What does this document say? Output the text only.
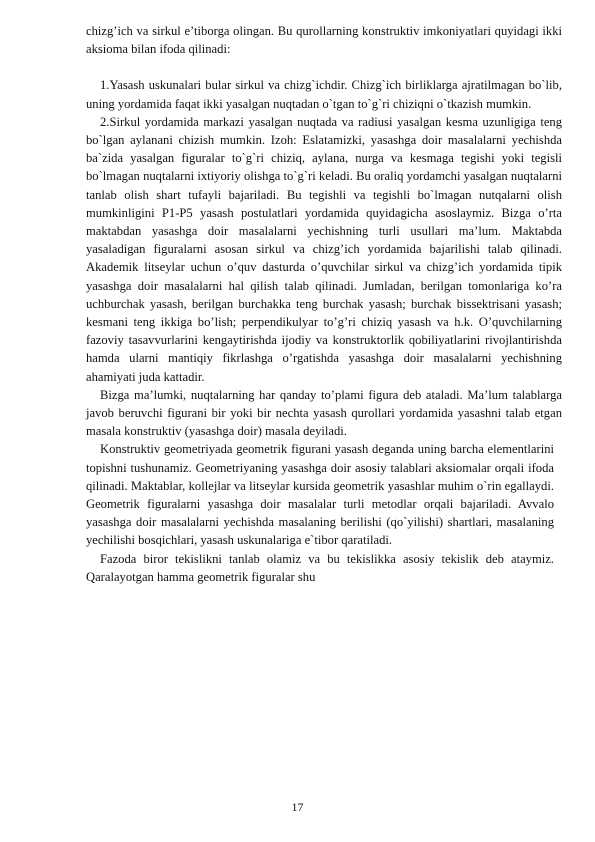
chizg’ich va sirkul e’tiborga olingan. Bu qurollarning konstruktiv imkoniyatlari quyidagi ikki aksioma bilan ifoda qilinadi:

1.Yasash uskunalari bular sirkul va chizg`ichdir. Chizg`ich birliklarga ajratilmagan bo`lib, uning yordamida faqat ikki yasalgan nuqtadan o`tgan to`g`ri chiziqni o`tkazish mumkin.

2.Sirkul yordamida markazi yasalgan nuqtada va radiusi yasalgan kesma uzunligiga teng bo`lgan aylanani chizish mumkin. Izoh: Eslatamizki, yasashga doir masalalarni yechishda ba`zida yasalgan figuralar to`g`ri chiziq, aylana, nurga va kesmaga tegishi yoki tegisli bo`lmagan nuqtalarni ixtiyoriy olishga to`g`ri keladi. Bu oraliq yordamchi yasalgan nuqtalarni tanlab olish shart tufayli bajariladi. Bu tegishli va tegishli bo`lmagan nutqalarni olish mumkinligini P1-P5 yasash postulatlari yordamida quyidagicha asoslaymiz. Bizga o’rta maktabdan yasashga doir masalalarni yechishning turli usullari ma’lum. Maktabda yasaladigan figuralarni asosan sirkul va chizg’ich yordamida bajarilishi talab qilinadi. Akademik litseylar uchun o’quv dasturda o’quvchilar sirkul va chizg’ich yordamida tipik yasashga doir masalalarni hal qilish talab qilinadi. Jumladan, berilgan tomonlariga ko’ra uchburchak yasash, berilgan burchakka teng burchak yasash; burchak bissektrisani yasash; kesmani teng ikkiga bo’lish; perpendikulyar to’g’ri chiziq yasash va h.k. O’quvchilarning fazoviy tasavvurlarini kengaytirishda ijodiy va konstruktorlik qobiliyatlarini rivojlantirishda hamda ularni mantiqiy fikrlashga o’rgatishda yasashga doir masalalarni yechishning ahamiyati juda kattadir.

Bizga ma’lumki, nuqtalarning har qanday to’plami figura deb ataladi. Ma’lum talablarga javob beruvchi figurani bir yoki bir nechta yasash qurollari yordamida yasashni talab etgan masala konstruktiv (yasashga doir) masala deyiladi.

Konstruktiv geometriyada geometrik figurani yasash deganda uning barcha elementlarini topishni tushunamiz. Geometriyaning yasashga doir asosiy talablari aksiomalar orqali ifoda qilinadi. Maktablar, kollejlar va litseylar kursida geometrik yasashlar muhim o`rin egallaydi. Geometrik figuralarni yasashga doir masalalar turli metodlar orqali bajariladi. Avvalo yasashga doir masalalarni yechishda masalaning berilishi (qo`yilishi) shartlari, masalaning yechilishi bosqichlari, yasash uskunalariga e`tibor qaratiladi.

Fazoda biror tekislikni tanlab olamiz va bu tekislikka asosiy tekislik deb ataymiz. Qaralayotgan hamma geometrik figuralar shu

17
